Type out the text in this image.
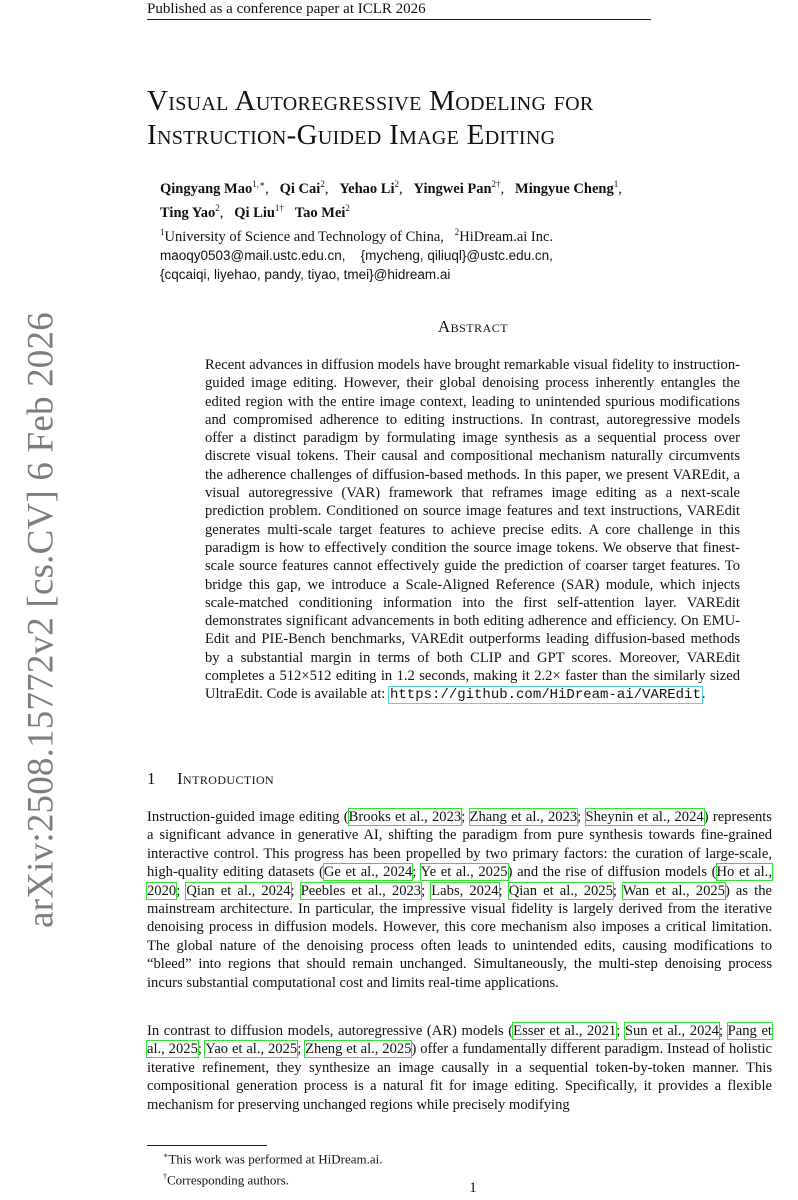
Published as a conference paper at ICLR 2026
arXiv:2508.15772v2 [cs.CV] 6 Feb 2026
Visual Autoregressive Modeling for
Instruction-Guided Image Editing
Qingyang Mao$^{1,∗}$,   Qi Cai$^2$,   Yehao Li$^2$,   Yingwei Pan$^{2\dagger}$,   Mingyue Cheng$^1$,
Ting Yao$^2$,   Qi Liu$^{1\dagger}$ Tao Mei$^2$
$^1$University of Science and Technology of China, $^2$HiDream.ai Inc.
maoqy0503@mail.ustc.edu.cn, {mycheng, qiliuql}@ustc.edu.cn,
{cqcaiqi, liyehao, pandy, tiyao, tmei}@hidream.ai
Abstract

Recent advances in diffusion models have brought remarkable visual fidelity to instruction-guided image editing. However, their global denoising process inherently entangles the edited region with the entire image context, leading to unintended spurious modifications and compromised adherence to editing instructions. In contrast, autoregressive models offer a distinct paradigm by formulating image synthesis as a sequential process over discrete visual tokens. Their causal and compositional mechanism naturally circumvents the adherence challenges of diffusion-based methods. In this paper, we present VAREdit, a visual autoregressive (VAR) framework that reframes image editing as a next-scale prediction problem. Conditioned on source image features and text instructions, VAREdit generates multi-scale target features to achieve precise edits. A core challenge in this paradigm is how to effectively condition the source image tokens. We observe that finest-scale source features cannot effectively guide the prediction of coarser target features. To bridge this gap, we introduce a Scale-Aligned Reference (SAR) module, which injects scale-matched conditioning information into the first self-attention layer. VAREdit demonstrates significant advancements in both editing adherence and efficiency. On EMU-Edit and PIE-Bench benchmarks, VAREdit outperforms leading diffusion-based methods by a substantial margin in terms of both CLIP and GPT scores. Moreover, VAREdit completes a 512×512 editing in 1.2 seconds, making it 2.2× faster than the similarly sized UltraEdit. Code is available at: https://github.com/HiDream-ai/VAREdit.

1 Introduction

Instruction-guided image editing (Brooks et al., 2023; Zhang et al., 2023; Sheynin et al., 2024) represents a significant advance in generative AI, shifting the paradigm from pure synthesis towards fine-grained interactive control. This progress has been propelled by two primary factors: the curation of large-scale, high-quality editing datasets (Ge et al., 2024; Ye et al., 2025) and the rise of diffusion models (Ho et al., 2020; Qian et al., 2024; Peebles et al., 2023; Labs, 2024; Qian et al., 2025; Wan et al., 2025) as the mainstream architecture. In particular, the impressive visual fidelity is largely derived from the iterative denoising process in diffusion models. However, this core mechanism also imposes a critical limitation. The global nature of the denoising process often leads to unintended edits, causing modifications to “bleed” into regions that should remain unchanged. Simultaneously, the multi-step denoising process incurs substantial computational cost and limits real-time applications.

In contrast to diffusion models, autoregressive (AR) models (Esser et al., 2021; Sun et al., 2024; Pang et al., 2025; Yao et al., 2025; Zheng et al., 2025) offer a fundamentally different paradigm. Instead of holistic iterative refinement, they synthesize an image causally in a sequential token-by-token manner. This compositional generation process is a natural fit for image editing. Specifically, it provides a flexible mechanism for preserving unchanged regions while precisely modifying

∗This work was performed at HiDream.ai.
†Corresponding authors.	1
